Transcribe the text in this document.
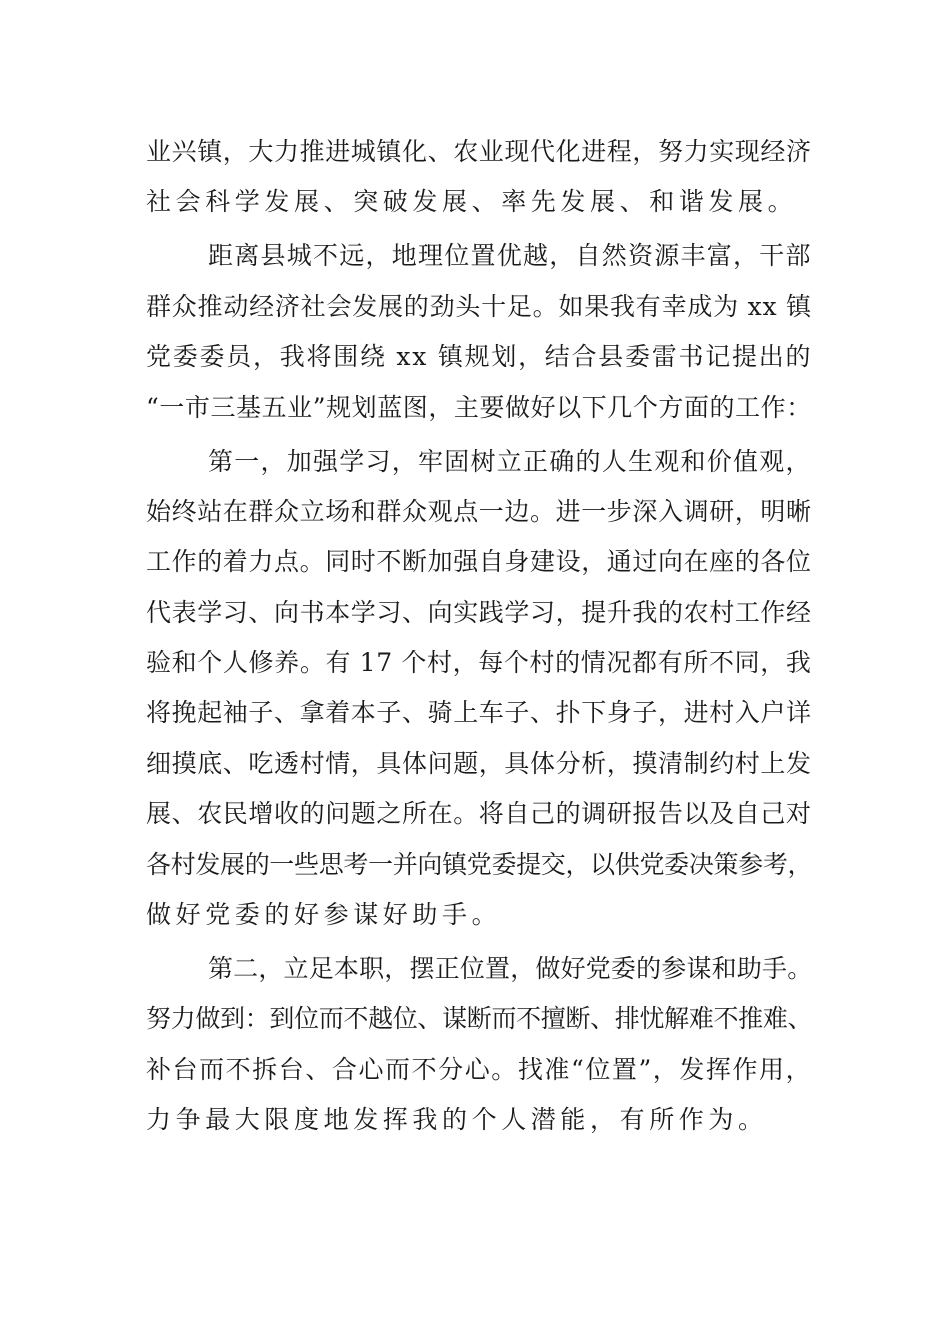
业兴镇，大力推进城镇化、农业现代化进程，努力实现经济
社会科学发展、突破发展、率先发展、和谐发展。
距离县城不远，地理位置优越，自然资源丰富，干部
群众推动经济社会发展的劲头十足。如果我有幸成为 xx 镇
党委委员，我将围绕 xx 镇规划，结合县委雷书记提出的
“一市三基五业”规划蓝图，主要做好以下几个方面的工作：
第一，加强学习，牢固树立正确的人生观和价值观，
始终站在群众立场和群众观点一边。进一步深入调研，明晰
工作的着力点。同时不断加强自身建设，通过向在座的各位
代表学习、向书本学习、向实践学习，提升我的农村工作经
验和个人修养。有 17 个村，每个村的情况都有所不同，我
将挽起袖子、拿着本子、骑上车子、扑下身子，进村入户详
细摸底、吃透村情，具体问题，具体分析，摸清制约村上发
展、农民增收的问题之所在。将自己的调研报告以及自己对
各村发展的一些思考一并向镇党委提交，以供党委决策参考，
做好党委的好参谋好助手。
第二，立足本职，摆正位置，做好党委的参谋和助手。
努力做到：到位而不越位、谋断而不擅断、排忧解难不推难、
补台而不拆台、合心而不分心。找准“位置”，发挥作用，
力争最大限度地发挥我的个人潜能，有所作为。
